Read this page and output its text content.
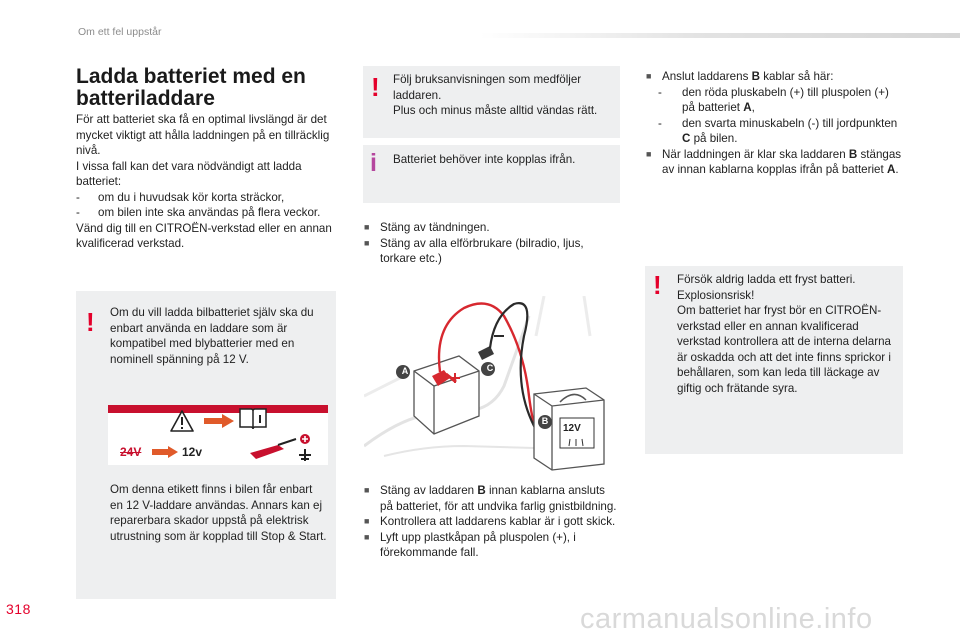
Om ett fel uppstår
Ladda batteriet med en batteriladdare
För att batteriet ska få en optimal livslängd är det mycket viktigt att hålla laddningen på en tillräcklig nivå.
I vissa fall kan det vara nödvändigt att ladda batteriet:
- om du i huvudsak kör korta sträckor,
- om bilen inte ska användas på flera veckor.
Vänd dig till en CITROËN-verkstad eller en annan kvalificerad verkstad.
! Om du vill ladda bilbatteriet själv ska du enbart använda en laddare som är kompatibel med blybatterier med en nominell spänning på 12 V.
24V	12v
Om denna etikett finns i bilen får enbart en 12 V-laddare användas. Annars kan ej reparerbara skador uppstå på elektrisk utrustning som är kopplad till Stop & Start.
! Följ bruksanvisningen som medföljer laddaren.
Plus och minus måste alltid vändas rätt.
i Batteriet behöver inte kopplas ifrån.
■ Stäng av tändningen.
■ Stäng av alla elförbrukare (bilradio, ljus, torkare etc.)
A	C
B
12V
■ Stäng av laddaren B innan kablarna ansluts på batteriet, för att undvika farlig gnistbildning.
■ Kontrollera att laddarens kablar är i gott skick.
■ Lyft upp plastkåpan på pluspolen (+), i förekommande fall.
■ Anslut laddarens B kablar så här:
- den röda pluskabeln (+) till pluspolen (+) på batteriet A,
- den svarta minuskabeln (-) till jordpunkten C på bilen.
■ När laddningen är klar ska laddaren B stängas av innan kablarna kopplas ifrån på batteriet A.
! Försök aldrig ladda ett fryst batteri.
Explosionsrisk!
Om batteriet har fryst bör en CITROËN-verkstad eller en annan kvalificerad verkstad kontrollera att de interna delarna är oskadda och att det inte finns sprickor i behållaren, som kan leda till läckage av giftig och frätande syra.
318	carmanualsonline.info
